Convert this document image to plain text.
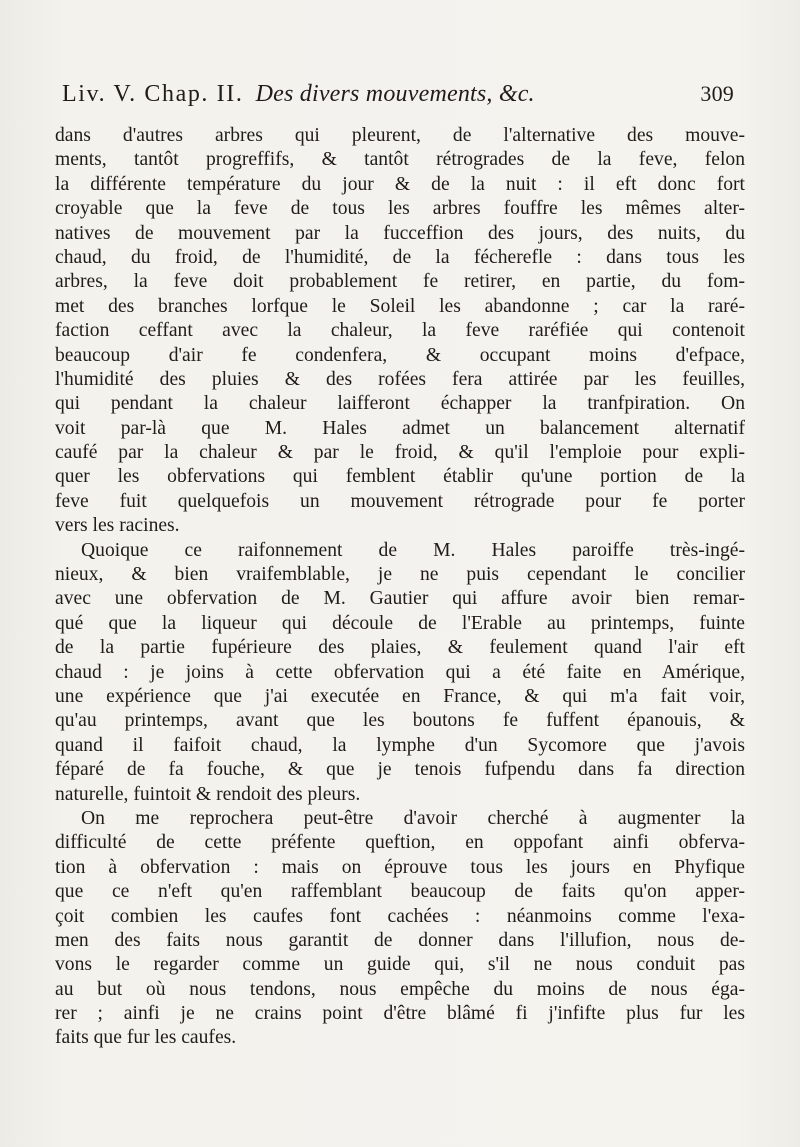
Liv. V. Chap. II. Des divers mouvements, &c.	309
dans d'autres arbres qui pleurent, de l'alternative des mouve-
ments, tantôt progreffifs, & tantôt rétrogrades de la feve, felon
la différente température du jour & de la nuit : il eft donc fort
croyable que la feve de tous les arbres fouffre les mêmes alter-
natives de mouvement par la fucceffion des jours, des nuits, du
chaud, du froid, de l'humidité, de la fécherefle : dans tous les
arbres, la feve doit probablement fe retirer, en partie, du fom-
met des branches lorfque le Soleil les abandonne ; car la raré-
faction ceffant avec la chaleur, la feve raréfiée qui contenoit
beaucoup d'air fe condenfera, & occupant moins d'efpace,
l'humidité des pluies & des rofées fera attirée par les feuilles,
qui pendant la chaleur laifferont échapper la tranfpiration. On
voit par-là que M. Hales admet un balancement alternatif
caufé par la chaleur & par le froid, & qu'il l'emploie pour expli-
quer les obfervations qui femblent établir qu'une portion de la
feve fuit quelquefois un mouvement rétrograde pour fe porter
vers les racines.
Quoique ce raifonnement de M. Hales paroiffe très-ingé-
nieux, & bien vraifemblable, je ne puis cependant le concilier
avec une obfervation de M. Gautier qui affure avoir bien remar-
qué que la liqueur qui découle de l'Erable au printemps, fuinte
de la partie fupérieure des plaies, & feulement quand l'air eft
chaud : je joins à cette obfervation qui a été faite en Amérique,
une expérience que j'ai executée en France, & qui m'a fait voir,
qu'au printemps, avant que les boutons fe fuffent épanouis, &
quand il faifoit chaud, la lymphe d'un Sycomore que j'avois
féparé de fa fouche, & que je tenois fufpendu dans fa direction
naturelle, fuintoit & rendoit des pleurs.
On me reprochera peut-être d'avoir cherché à augmenter la
difficulté de cette préfente queftion, en oppofant ainfi obferva-
tion à obfervation : mais on éprouve tous les jours en Phyfique
que ce n'eft qu'en raffemblant beaucoup de faits qu'on apper-
çoit combien les caufes font cachées : néanmoins comme l'exa-
men des faits nous garantit de donner dans l'illufion, nous de-
vons le regarder comme un guide qui, s'il ne nous conduit pas
au but où nous tendons, nous empêche du moins de nous éga-
rer ; ainfi je ne crains point d'être blâmé fi j'infifte plus fur les
faits que fur les caufes.
